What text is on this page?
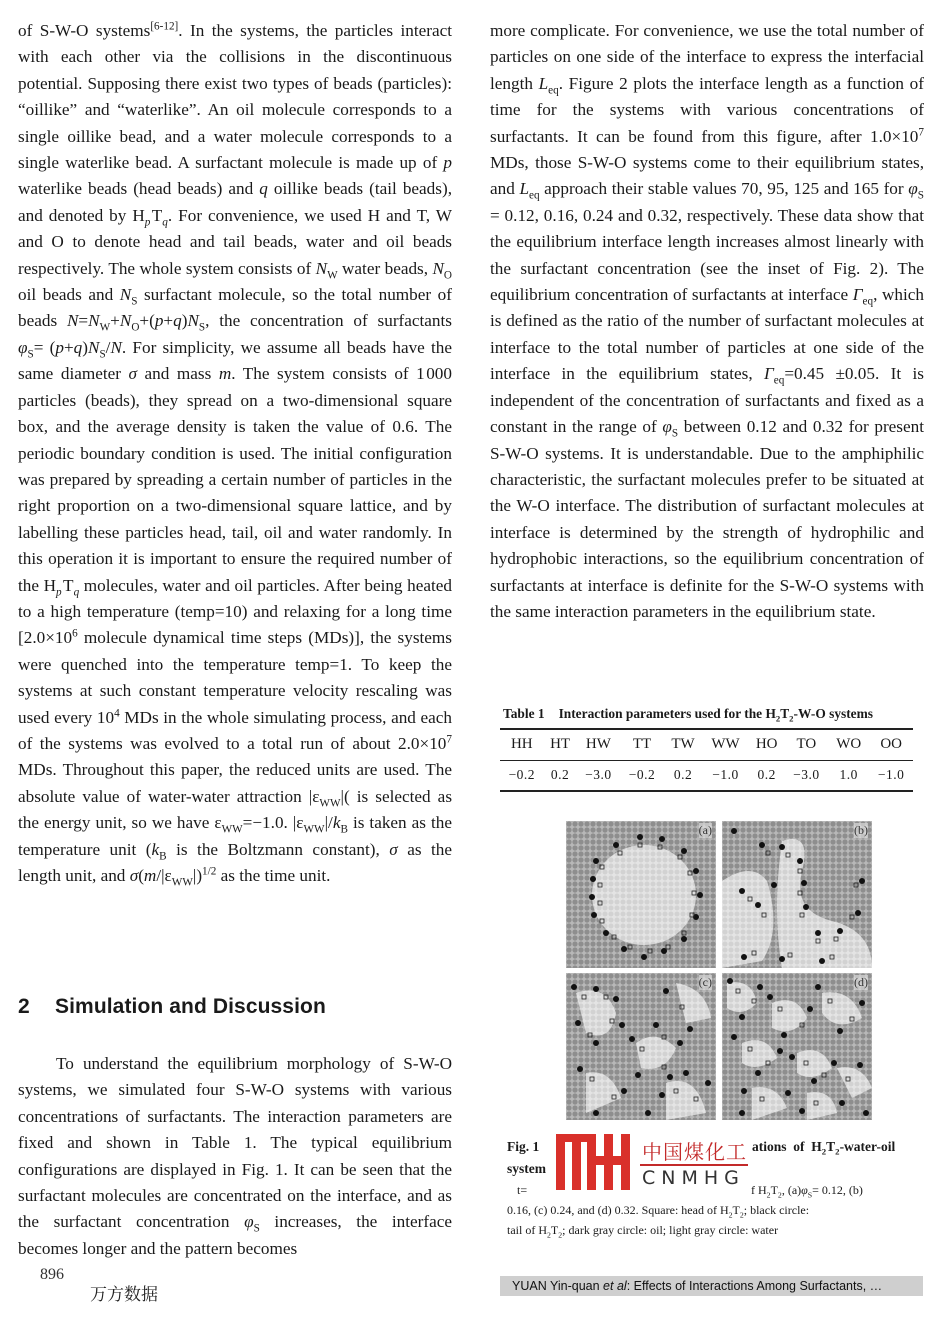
of S-W-O systems[6-12]. In the systems, the particles interact with each other via the collisions in the discontinuous potential. Supposing there exist two types of beads (particles): “oillike” and “waterlike”. An oil molecule corresponds to a single oillike bead, and a water molecule corresponds to a single waterlike bead. A surfactant molecule is made up of p waterlike beads (head beads) and q oillike beads (tail beads), and denoted by $H_p$ $T_q$. For convenience, we used H and T, W and O to denote head and tail beads, water and oil beads respectively. The whole system consists of $N_W$ water beads, $N_O$ oil beads and $N_S$ surfactant molecule, so the total number of beads $N=N_W+N_O+(p+q)N_S$, the concentration of surfactants $\varphi_S= (p+q)N_S/N$. For simplicity, we assume all beads have the same diameter σ and mass m. The system consists of 1 000 particles (beads), they spread on a two-dimensional square box, and the average density is taken the value of 0.6. The periodic boundary condition is used. The initial configuration was prepared by spreading a certain number of particles in the right proportion on a two-dimensional square lattice, and by labelling these particles head, tail, oil and water randomly. In this operation it is important to ensure the required number of the $H_p$ $T_q$ molecules, water and oil particles. After being heated to a high temperature (temp=10) and relaxing for a long time [$2.0\times 10^6$ molecule dynamical time steps (MDs)], the systems were quenched into the temperature temp=1. To keep the systems at such constant temperature velocity rescaling was used every $10^4$ MDs in the whole simulating process, and each of the systems was evolved to a total run of about $2.0\times 10^7$ MDs. Throughout this paper, the reduced units are used. The absolute value of water-water attraction $|\varepsilon_{WW}|$( is selected as the energy unit, so we have $\varepsilon_{WW}=-1.0$. $|\varepsilon_{WW}|/k_B$ is taken as the temperature unit ($k_B$ is the Boltzmann constant), σ as the length unit, and $\sigma(m/|\varepsilon_{WW}|)^{1/2}$ as the time unit.

2 Simulation and Discussion

To understand the equilibrium morphology of S-W-O systems, we simulated four S-W-O systems with various concentrations of surfactants. The interaction parameters are fixed and shown in Table 1. The typical equilibrium configurations are displayed in Fig. 1. It can be seen that the surfactant molecules are concentrated on the interface, and as the surfactant concentration $\varphi_S$ increases, the interface becomes longer and the pattern becomes

896
万方数据

more complicate. For convenience, we use the total number of particles on one side of the interface to express the interfacial length $L_{eq}$. Figure 2 plots the interface length as a function of time for the systems with various concentrations of surfactants. It can be found from this figure, after $1.0\times 10^7$ MDs, those S-W-O systems come to their equilibrium states, and $L_{eq}$ approach their stable values 70, 95, 125 and 165 for $\varphi_S = 0.12$, 0.16, 0.24 and 0.32, respectively. These data show that the equilibrium interface length increases almost linearly with the surfactant concentration (see the inset of Fig. 2). The equilibrium concentration of surfactants at interface $\Gamma_{eq}$, which is defined as the ratio of the number of surfactant molecules at interface to the total number of particles at one side of the interface in the equilibrium states, $\Gamma_{eq}=0.45 \pm 0.05$. It is independent of the concentration of surfactants and fixed as a constant in the range of $\varphi_S$ between 0.12 and 0.32 for present S-W-O systems. It is understandable. Due to the amphiphilic characteristic, the surfactant molecules prefer to be situated at the W-O interface. The distribution of surfactant molecules at interface is determined by the strength of hydrophilic and hydrophobic interactions, so the equilibrium concentration of surfactants at interface is definite for the S-W-O systems with the same interaction parameters in the equilibrium state.

Table 1 Interaction parameters used for the $H_2T_2-W-O$ systems
HH	HT	HW	TT	TW	WW	HO	TO	WO	OO
−0.2	0.2	−3.0	−0.2	0.2	−1.0	0.2	−3.0	1.0	−1.0
(a)	(b)
(c)	(d)
Fig. 1	ations  of  $H_2T_2-water$-oil
system
t=	f $H_2T_2$, $(a)\varphi_S= 0.12$, (b)
0.16, (c) 0.24, and (d) 0.32. Square: head of $H_2T_2$; black circle:
tail of $H_2T_2$; dark gray circle: oil; light gray circle: water
中国煤化工
CNMHG
YUAN Yin-quan et al: Effects of Interactions Among Surfactants, …
